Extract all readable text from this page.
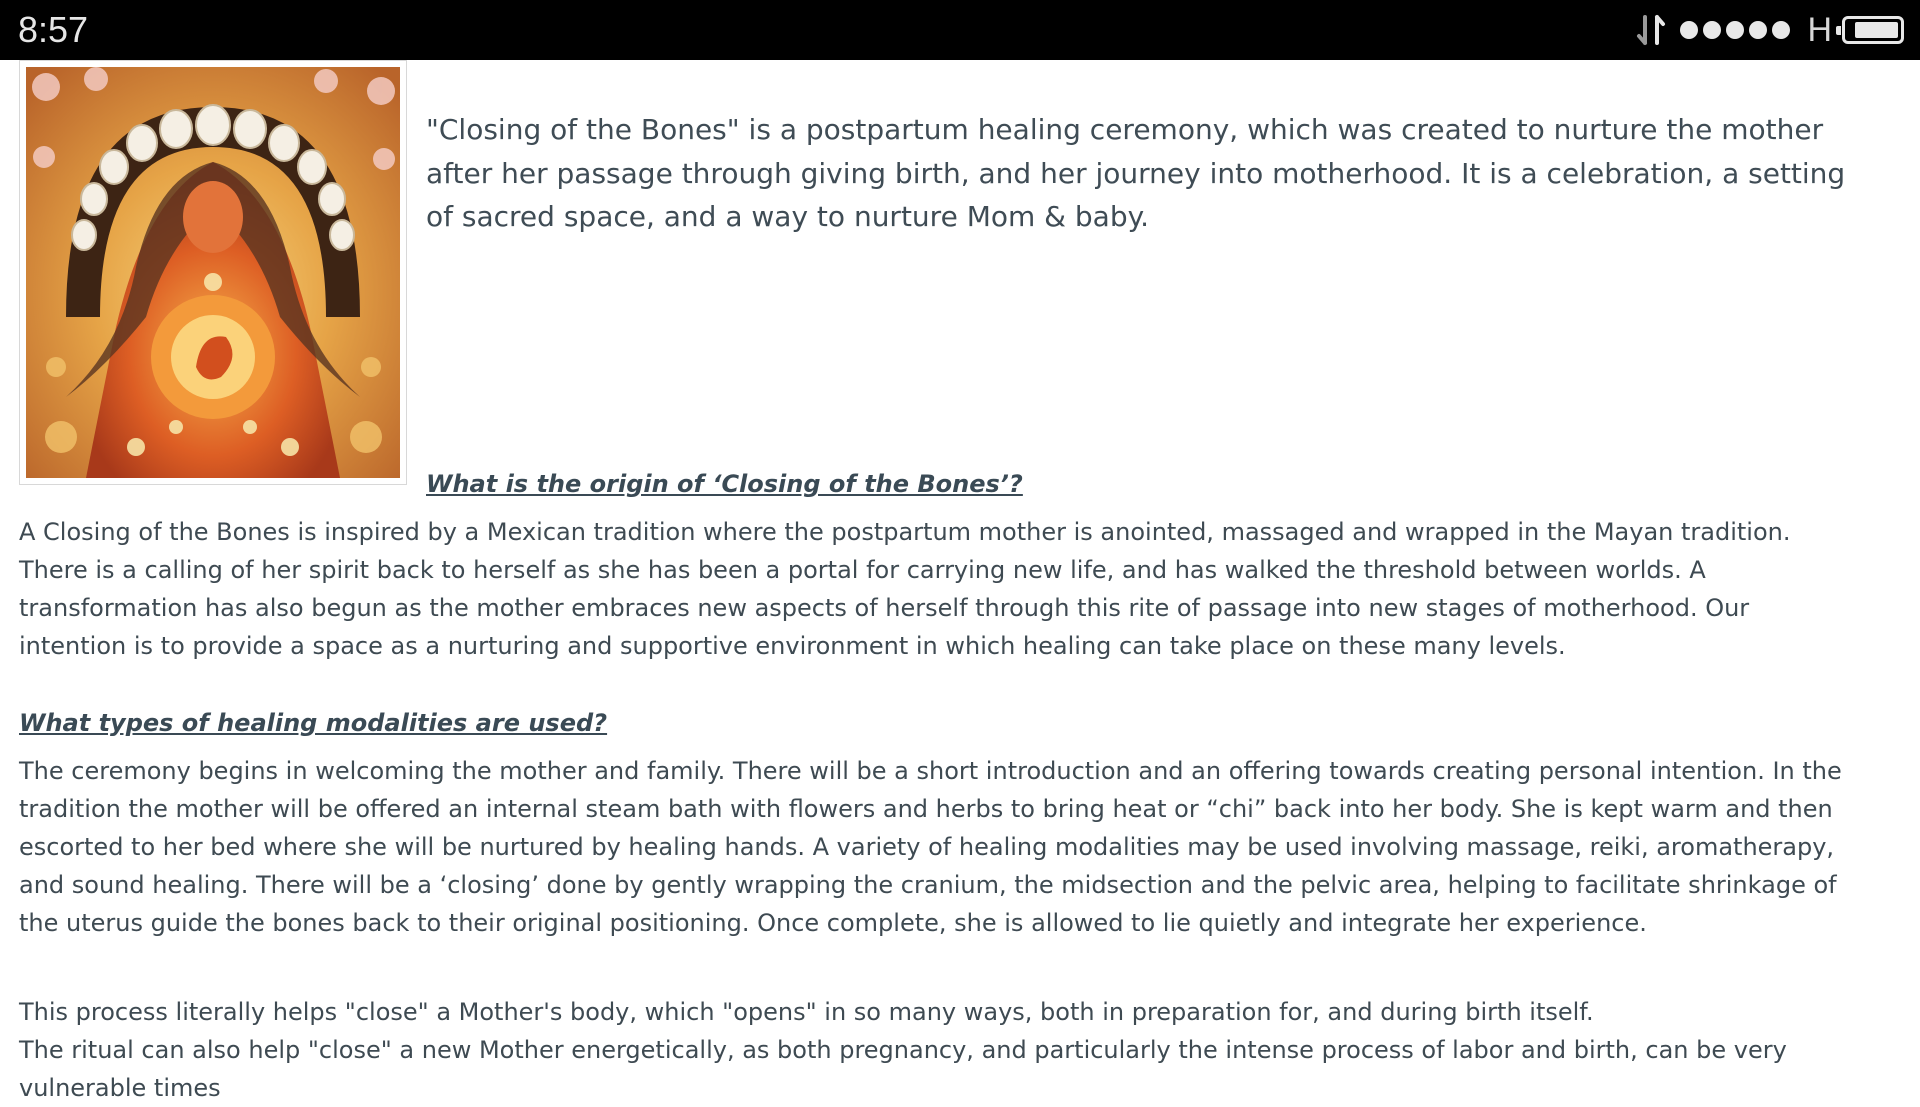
8:57	H

"Closing of the Bones" is a postpartum healing ceremony, which was created to nurture the mother after her passage through giving birth, and her journey into motherhood. It is a celebration, a setting of sacred space, and a way to nurture Mom & baby.

What is the origin of ‘Closing of the Bones’?

A Closing of the Bones is inspired by a Mexican tradition where the postpartum mother is anointed, massaged and wrapped in the Mayan tradition. There is a calling of her spirit back to herself as she has been a portal for carrying new life, and has walked the threshold between worlds. A transformation has also begun as the mother embraces new aspects of herself through this rite of passage into new stages of motherhood. Our intention is to provide a space as a nurturing and supportive environment in which healing can take place on these many levels.

What types of healing modalities are used?

The ceremony begins in welcoming the mother and family. There will be a short introduction and an offering towards creating personal intention. In the tradition the mother will be offered an internal steam bath with flowers and herbs to bring heat or “chi” back into her body. She is kept warm and then escorted to her bed where she will be nurtured by healing hands. A variety of healing modalities may be used involving massage, reiki, aromatherapy, and sound healing. There will be a ‘closing’ done by gently wrapping the cranium, the midsection and the pelvic area, helping to facilitate shrinkage of the uterus guide the bones back to their original positioning. Once complete, she is allowed to lie quietly and integrate her experience.

This process literally helps "close" a Mother's body, which "opens" in so many ways, both in preparation for, and during birth itself.

The ritual can also help "close" a new Mother energetically, as both pregnancy, and particularly the intense process of labor and birth, can be very vulnerable times
